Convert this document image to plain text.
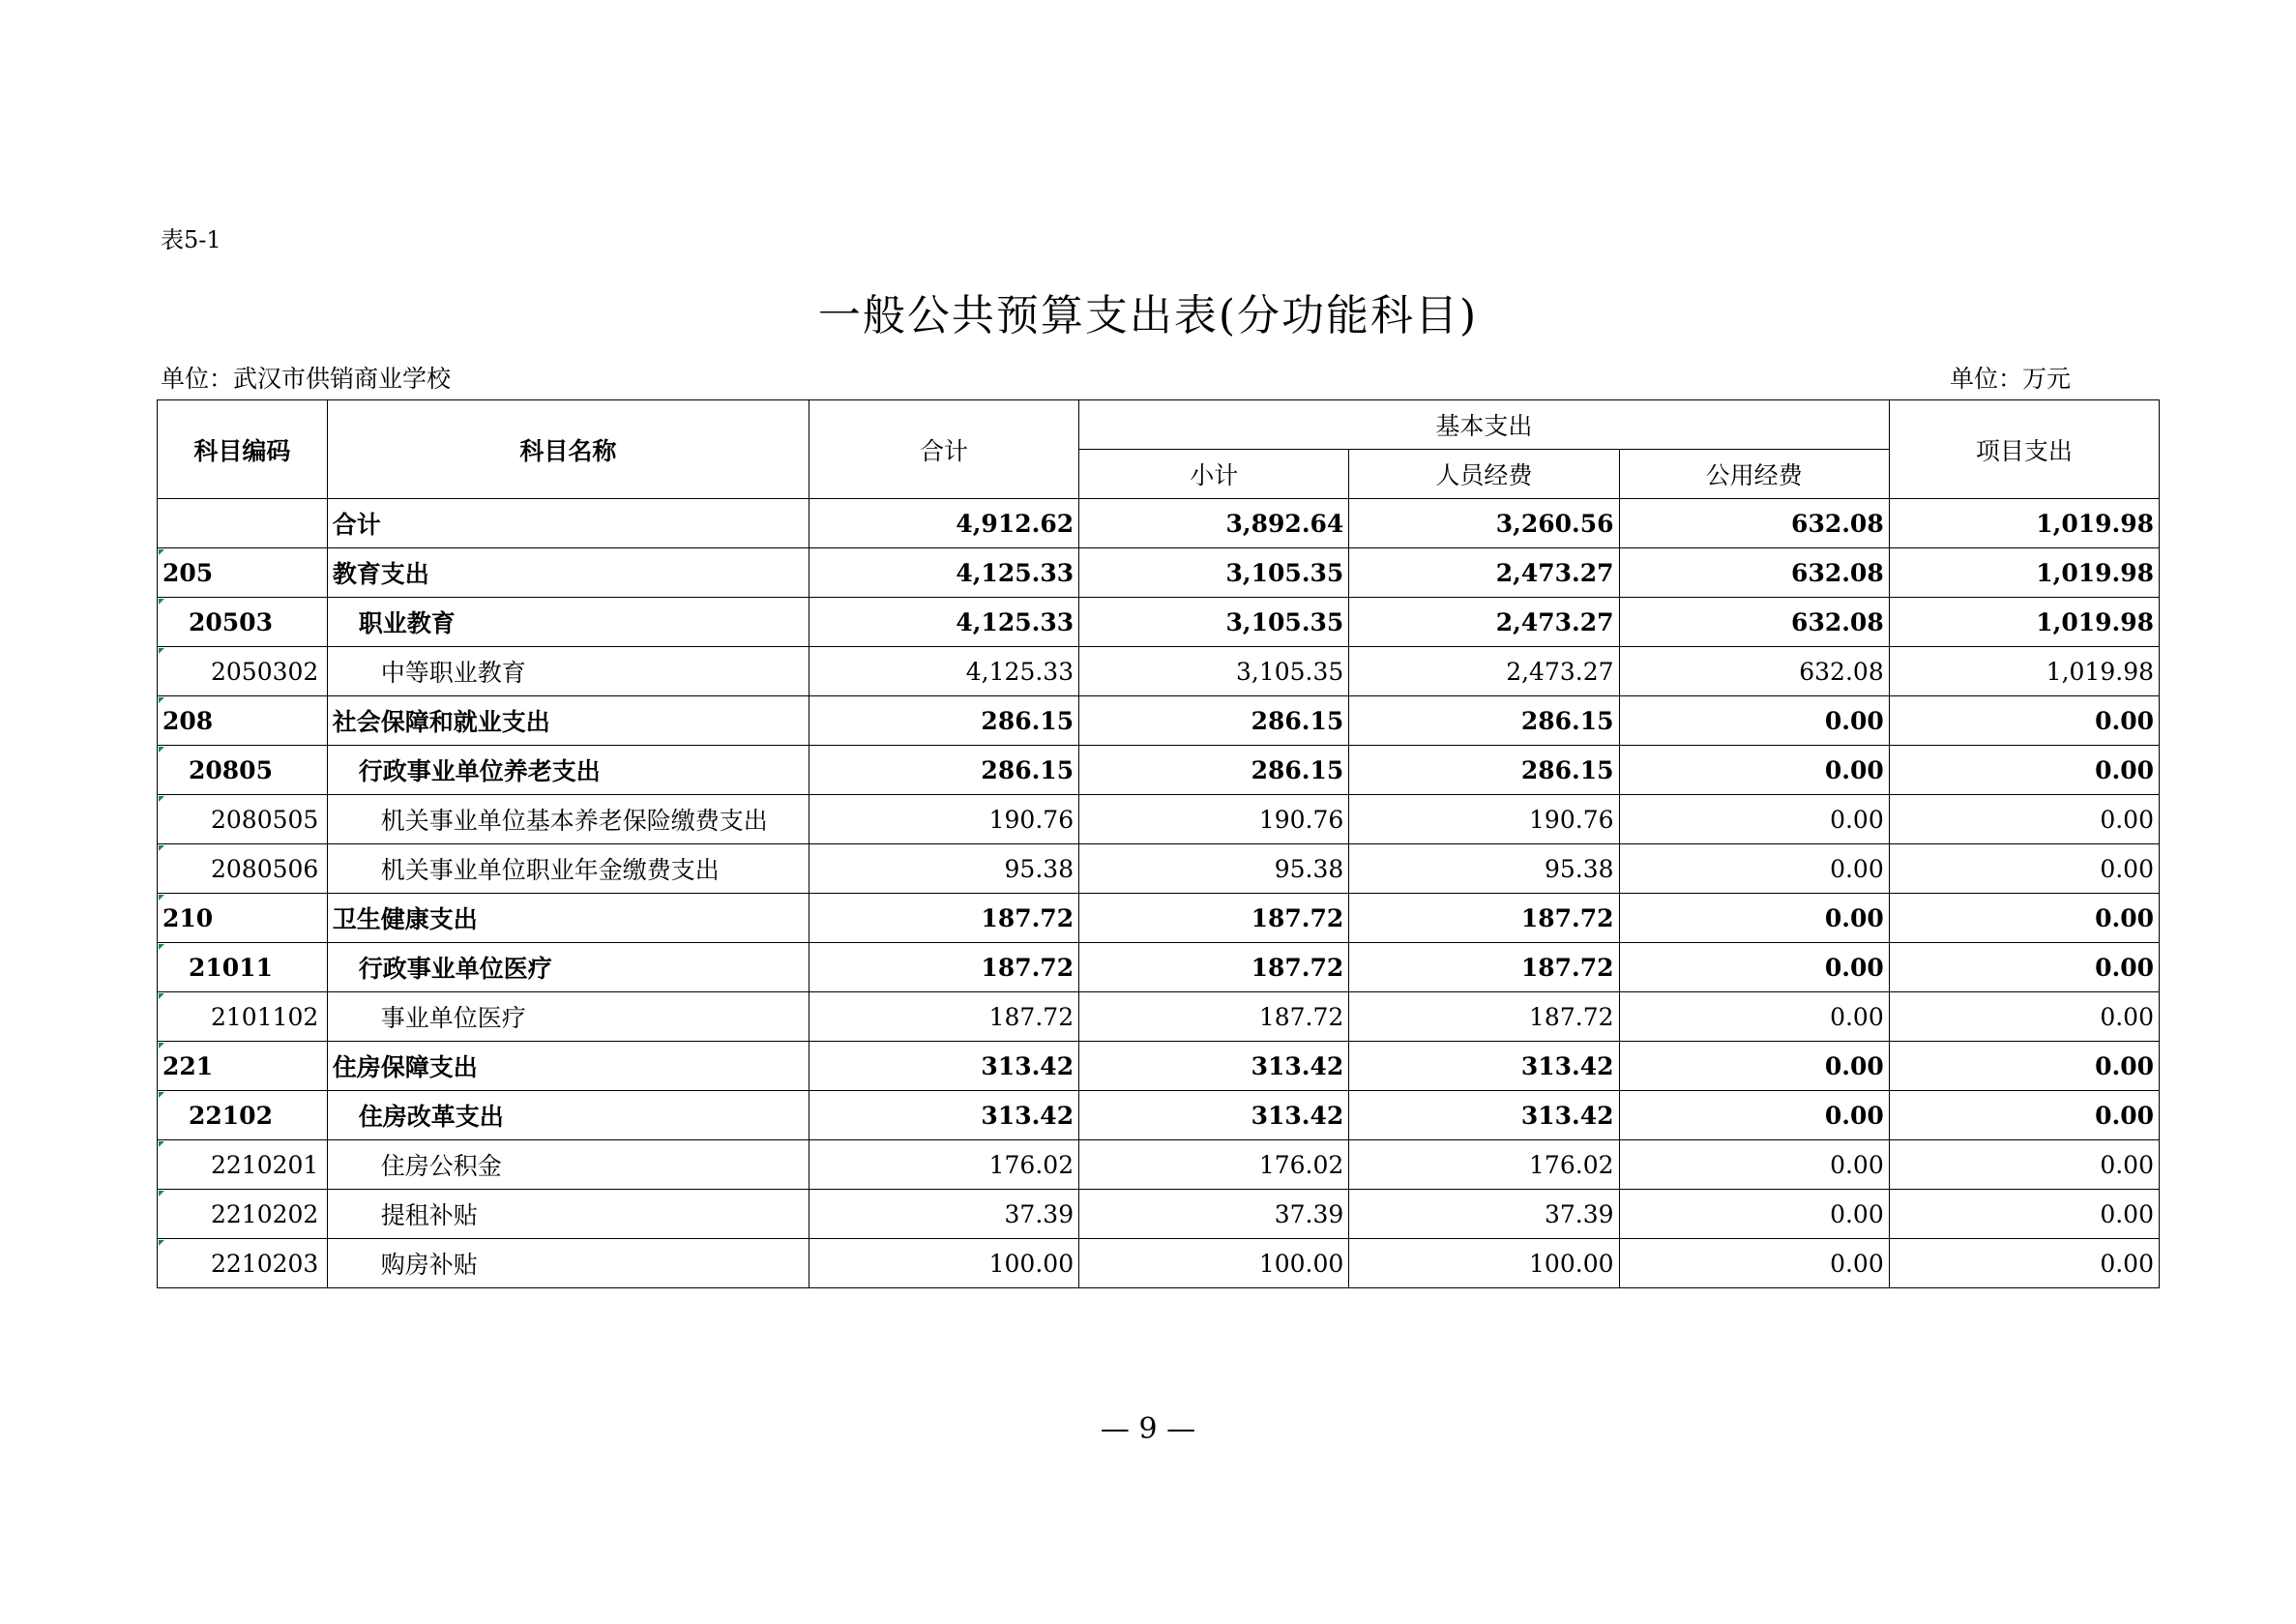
表5-1
一般公共预算支出表(分功能科目)
单位：武汉市供销商业学校	单位：万元
科目编码	科目名称	合计	基本支出			项目支出
			小计	人员经费	公用经费	
	合计	4,912.62	3,892.64	3,260.56	632.08	1,019.98
205	教育支出	4,125.33	3,105.35	2,473.27	632.08	1,019.98
20503	职业教育	4,125.33	3,105.35	2,473.27	632.08	1,019.98
2050302	中等职业教育	4,125.33	3,105.35	2,473.27	632.08	1,019.98
208	社会保障和就业支出	286.15	286.15	286.15	0.00	0.00
20805	行政事业单位养老支出	286.15	286.15	286.15	0.00	0.00
2080505	机关事业单位基本养老保险缴费支出	190.76	190.76	190.76	0.00	0.00
2080506	机关事业单位职业年金缴费支出	95.38	95.38	95.38	0.00	0.00
210	卫生健康支出	187.72	187.72	187.72	0.00	0.00
21011	行政事业单位医疗	187.72	187.72	187.72	0.00	0.00
2101102	事业单位医疗	187.72	187.72	187.72	0.00	0.00
221	住房保障支出	313.42	313.42	313.42	0.00	0.00
22102	住房改革支出	313.42	313.42	313.42	0.00	0.00
2210201	住房公积金	176.02	176.02	176.02	0.00	0.00
2210202	提租补贴	37.39	37.39	37.39	0.00	0.00
2210203	购房补贴	100.00	100.00	100.00	0.00	0.00
— 9 —
